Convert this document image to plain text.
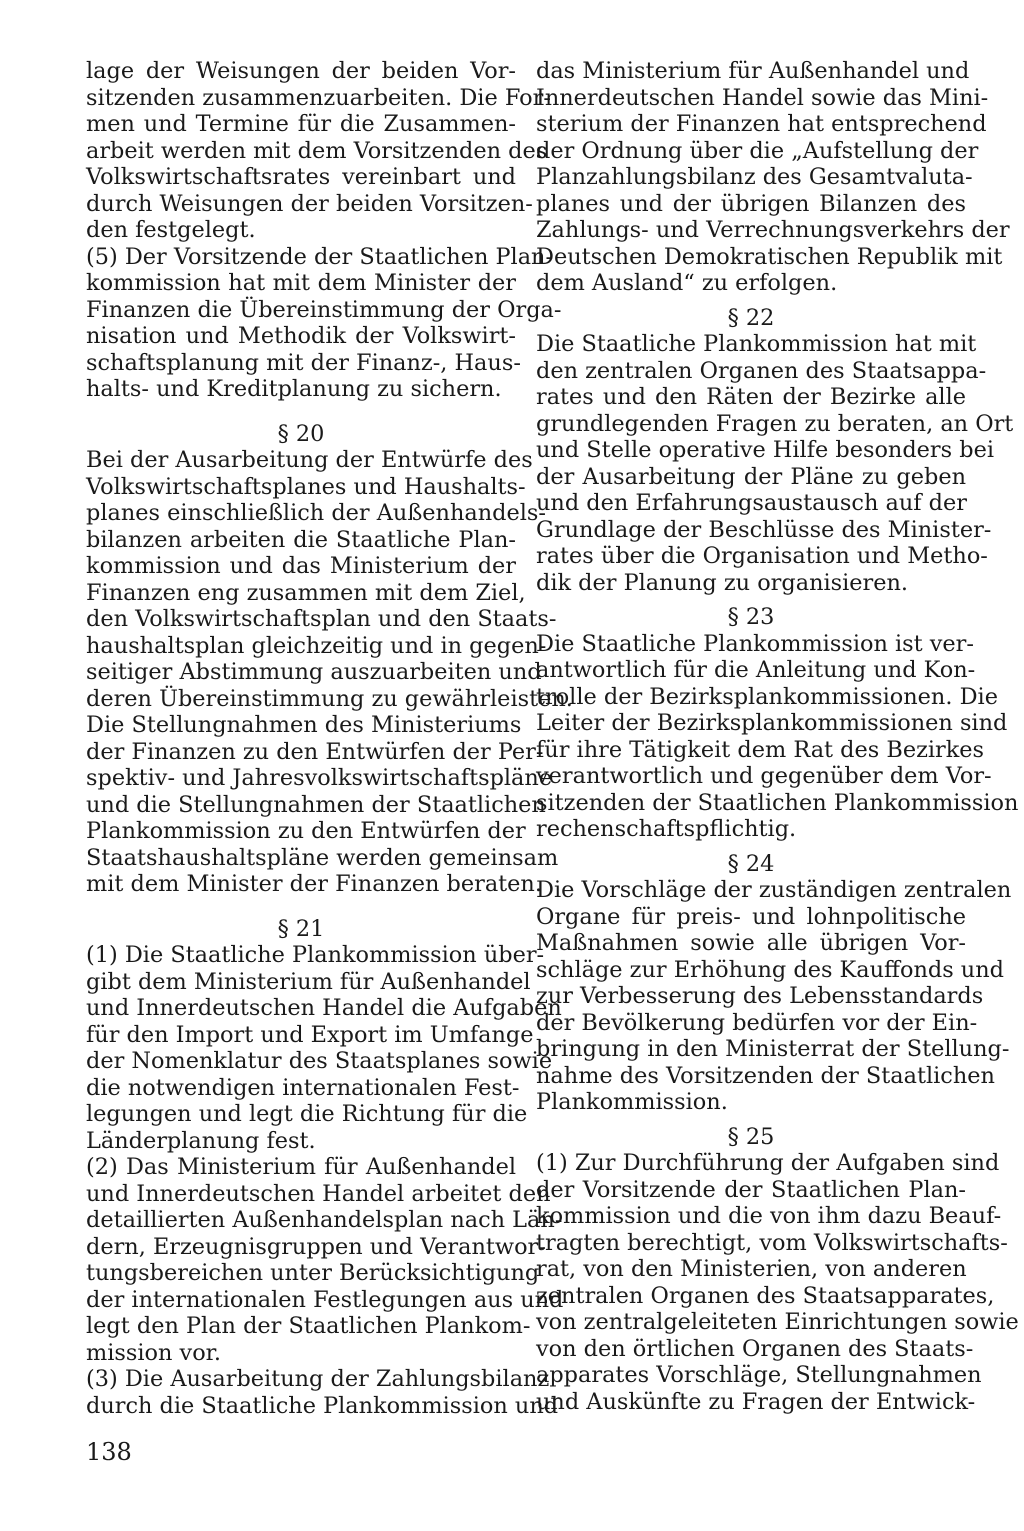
lage der Weisungen der beiden Vor-
sitzenden zusammenzuarbeiten. Die For-
men und Termine für die Zusammen-
arbeit werden mit dem Vorsitzenden des
Volkswirtschaftsrates vereinbart und
durch Weisungen der beiden Vorsitzen-
den festgelegt.
(5) Der Vorsitzende der Staatlichen Plan-
kommission hat mit dem Minister der
Finanzen die Übereinstimmung der Orga-
nisation und Methodik der Volkswirt-
schaftsplanung mit der Finanz-, Haus-
halts- und Kreditplanung zu sichern.
§ 20
Bei der Ausarbeitung der Entwürfe des
Volkswirtschaftsplanes und Haushalts-
planes einschließlich der Außenhandels-
bilanzen arbeiten die Staatliche Plan-
kommission und das Ministerium der
Finanzen eng zusammen mit dem Ziel,
den Volkswirtschaftsplan und den Staats-
haushaltsplan gleichzeitig und in gegen-
seitiger Abstimmung auszuarbeiten und
deren Übereinstimmung zu gewährleisten.
Die Stellungnahmen des Ministeriums
der Finanzen zu den Entwürfen der Per-
spektiv- und Jahresvolkswirtschaftspläne
und die Stellungnahmen der Staatlichen
Plankommission zu den Entwürfen der
Staatshaushaltspläne werden gemeinsam
mit dem Minister der Finanzen beraten.
§ 21
(1) Die Staatliche Plankommission über-
gibt dem Ministerium für Außenhandel
und Innerdeutschen Handel die Aufgaben
für den Import und Export im Umfange
der Nomenklatur des Staatsplanes sowie
die notwendigen internationalen Fest-
legungen und legt die Richtung für die
Länderplanung fest.
(2) Das Ministerium für Außenhandel
und Innerdeutschen Handel arbeitet den
detaillierten Außenhandelsplan nach Län-
dern, Erzeugnisgruppen und Verantwor-
tungsbereichen unter Berücksichtigung
der internationalen Festlegungen aus und
legt den Plan der Staatlichen Plankom-
mission vor.
(3) Die Ausarbeitung der Zahlungsbilanz
durch die Staatliche Plankommission und
das Ministerium für Außenhandel und
Innerdeutschen Handel sowie das Mini-
sterium der Finanzen hat entsprechend
der Ordnung über die „Aufstellung der
Planzahlungsbilanz des Gesamtvaluta-
planes und der übrigen Bilanzen des
Zahlungs- und Verrechnungsverkehrs der
Deutschen Demokratischen Republik mit
dem Ausland“ zu erfolgen.
§ 22
Die Staatliche Plankommission hat mit
den zentralen Organen des Staatsappa-
rates und den Räten der Bezirke alle
grundlegenden Fragen zu beraten, an Ort
und Stelle operative Hilfe besonders bei
der Ausarbeitung der Pläne zu geben
und den Erfahrungsaustausch auf der
Grundlage der Beschlüsse des Minister-
rates über die Organisation und Metho-
dik der Planung zu organisieren.
§ 23
Die Staatliche Plankommission ist ver-
antwortlich für die Anleitung und Kon-
trolle der Bezirksplankommissionen. Die
Leiter der Bezirksplankommissionen sind
für ihre Tätigkeit dem Rat des Bezirkes
verantwortlich und gegenüber dem Vor-
sitzenden der Staatlichen Plankommission
rechenschaftspflichtig.
§ 24
Die Vorschläge der zuständigen zentralen
Organe für preis- und lohnpolitische
Maßnahmen sowie alle übrigen Vor-
schläge zur Erhöhung des Kauffonds und
zur Verbesserung des Lebensstandards
der Bevölkerung bedürfen vor der Ein-
bringung in den Ministerrat der Stellung-
nahme des Vorsitzenden der Staatlichen
Plankommission.
§ 25
(1) Zur Durchführung der Aufgaben sind
der Vorsitzende der Staatlichen Plan-
kommission und die von ihm dazu Beauf-
tragten berechtigt, vom Volkswirtschafts-
rat, von den Ministerien, von anderen
zentralen Organen des Staatsapparates,
von zentralgeleiteten Einrichtungen sowie
von den örtlichen Organen des Staats-
apparates Vorschläge, Stellungnahmen
und Auskünfte zu Fragen der Entwick-
138
